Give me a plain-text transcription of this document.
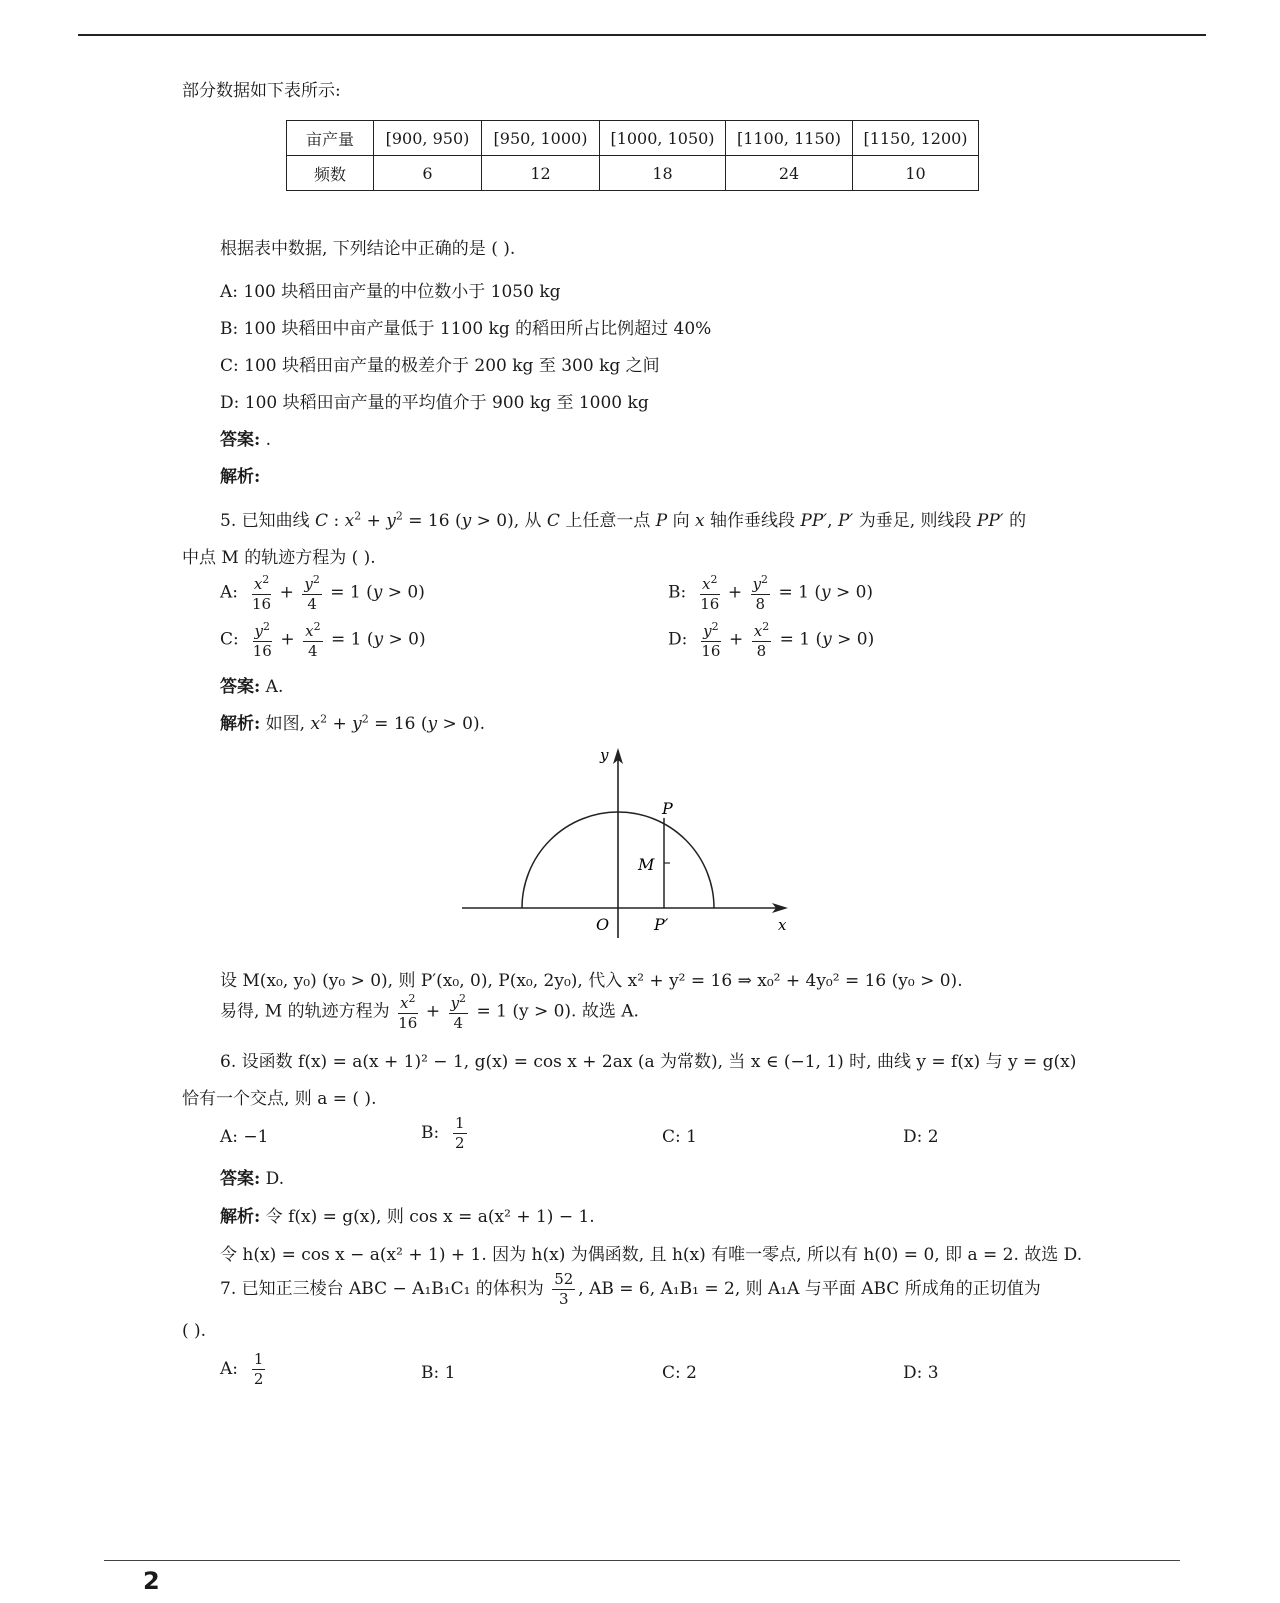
部分数据如下表所示:
亩产量	[900, 950)	[950, 1000)	[1000, 1050)	[1100, 1150)	[1150, 1200)
频数	6	12	18	24	10
根据表中数据, 下列结论中正确的是 ( ).
A: 100 块稻田亩产量的中位数小于 1050 kg
B: 100 块稻田中亩产量低于 1100 kg 的稻田所占比例超过 40%
C: 100 块稻田亩产量的极差介于 200 kg 至 300 kg 之间
D: 100 块稻田亩产量的平均值介于 900 kg 至 1000 kg
答案: .
解析:
5. 已知曲线 C : $x^2 + y^2 = 16$ (y > 0), 从 C 上任意一点 P 向 x 轴作垂线段 PP′, P′ 为垂足, 则线段 PP′ 的
中点 M 的轨迹方程为 ( ).
A: $\frac{x^2}{16} + \frac{y^2}{4} = 1$ (y > 0)	B: $\frac{x^2}{16} + \frac{y^2}{8} = 1$ (y > 0)
C: $\frac{y^2}{16} + \frac{x^2}{4} = 1$ (y > 0)	D: $\frac{y^2}{16} + \frac{x^2}{8} = 1$ (y > 0)
答案: A.
解析: 如图, $x^2 + y^2 = 16$ (y > 0).
y
x
O	P′
P
M
设 M(x₀, y₀) (y₀ > 0), 则 P′(x₀, 0), P(x₀, 2y₀), 代入 x² + y² = 16 ⇒ x₀² + 4y₀² = 16 (y₀ > 0).
易得, M 的轨迹方程为 $\frac{x^2}{16} + \frac{y^2}{4} = 1$ (y > 0). 故选 A.
6. 设函数 f(x) = a(x + 1)² − 1, g(x) = cos x + 2ax (a 为常数), 当 x ∈ (−1, 1) 时, 曲线 y = f(x) 与 y = g(x)
恰有一个交点, 则 a = ( ).
A: −1	B: $\frac{1}{2}$	C: 1	D: 2
答案: D.
解析: 令 f(x) = g(x), 则 cos x = a(x² + 1) − 1.
令 h(x) = cos x − a(x² + 1) + 1. 因为 h(x) 为偶函数, 且 h(x) 有唯一零点, 所以有 h(0) = 0, 即 a = 2. 故选 D.
7. 已知正三棱台 ABC − A₁B₁C₁ 的体积为 $\frac{52}{3}$ , AB = 6, A₁B₁ = 2, 则 A₁A 与平面 ABC 所成角的正切值为
( ).
A: $\frac{1}{2}$	B: 1	C: 2	D: 3
2
